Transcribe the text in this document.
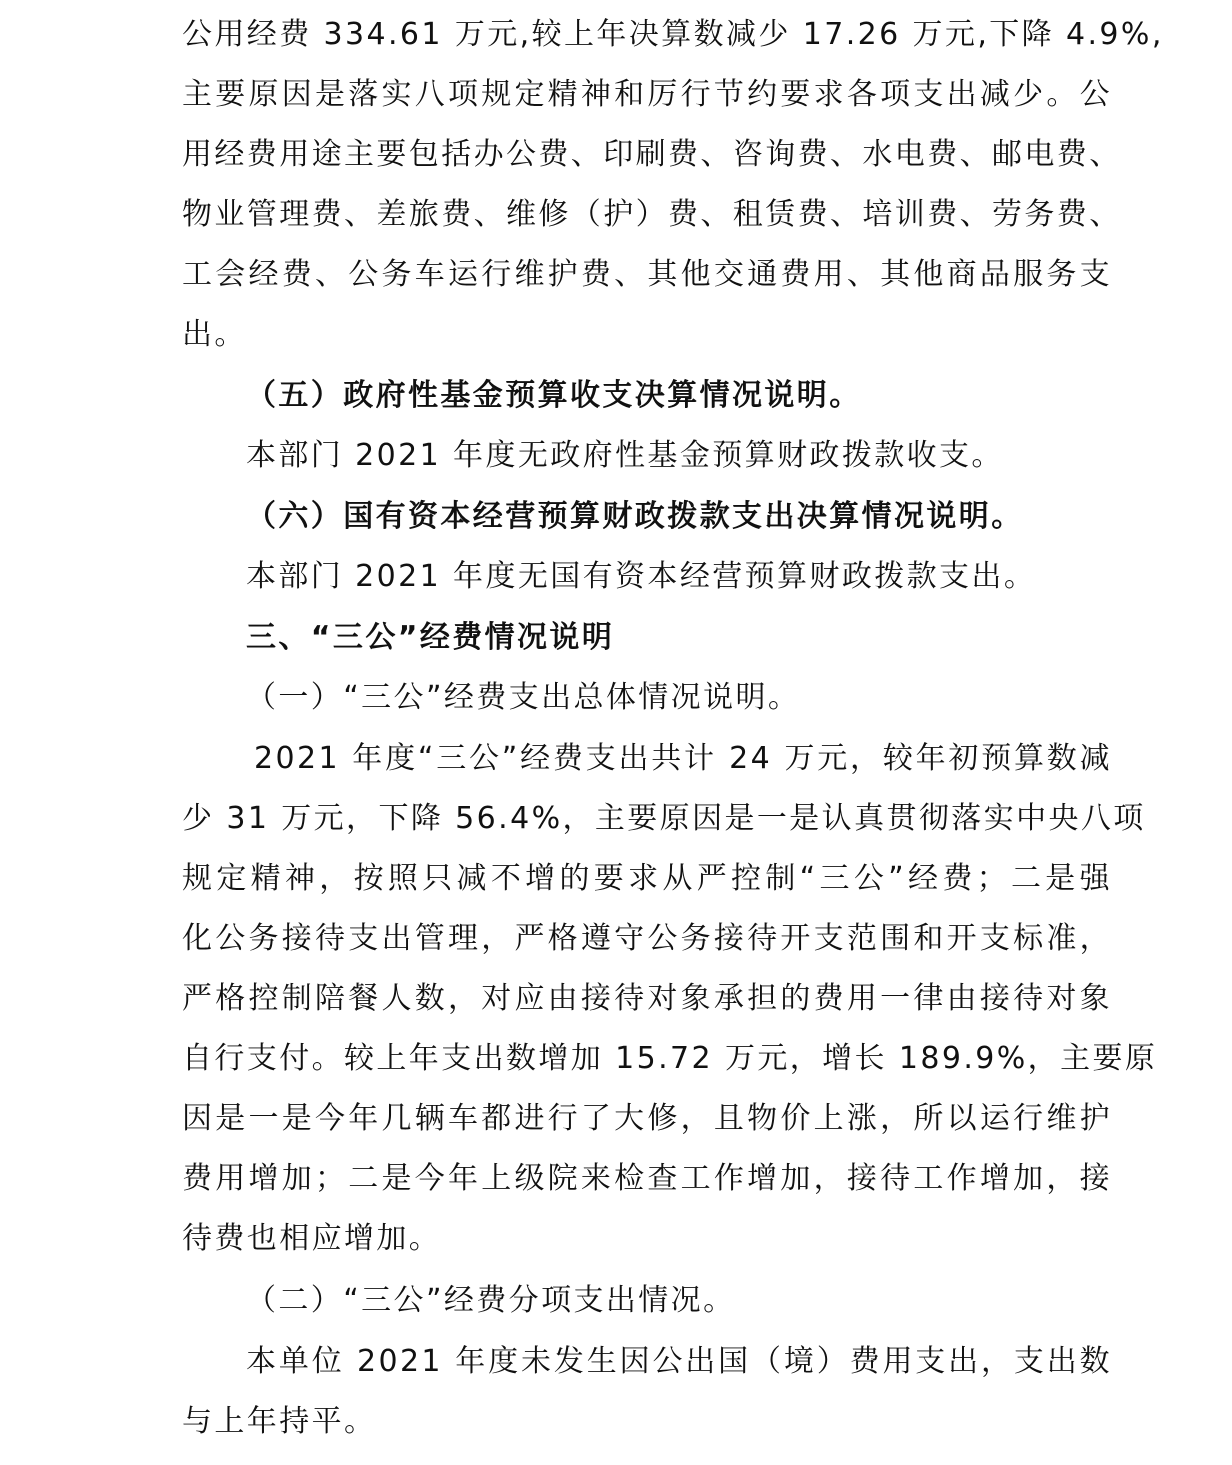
公用经费 334.61 万元,较上年决算数减少 17.26 万元,下降 4.9%,
主要原因是落实八项规定精神和厉行节约要求各项支出减少。公
用经费用途主要包括办公费、印刷费、咨询费、水电费、邮电费、
物业管理费、差旅费、维修（护）费、租赁费、培训费、劳务费、
工会经费、公务车运行维护费、其他交通费用、其他商品服务支
出。
（五）政府性基金预算收支决算情况说明。
本部门 2021 年度无政府性基金预算财政拨款收支。
（六）国有资本经营预算财政拨款支出决算情况说明。
本部门 2021 年度无国有资本经营预算财政拨款支出。
三、“三公”经费情况说明
（一）“三公”经费支出总体情况说明。
2021 年度“三公”经费支出共计 24 万元，较年初预算数减
少 31 万元，下降 56.4%，主要原因是一是认真贯彻落实中央八项
规定精神，按照只减不增的要求从严控制“三公”经费；二是强
化公务接待支出管理，严格遵守公务接待开支范围和开支标准，
严格控制陪餐人数，对应由接待对象承担的费用一律由接待对象
自行支付。较上年支出数增加 15.72 万元，增长 189.9%，主要原
因是一是今年几辆车都进行了大修，且物价上涨，所以运行维护
费用增加；二是今年上级院来检查工作增加，接待工作增加，接
待费也相应增加。
（二）“三公”经费分项支出情况。
本单位 2021 年度未发生因公出国（境）费用支出，支出数
与上年持平。
